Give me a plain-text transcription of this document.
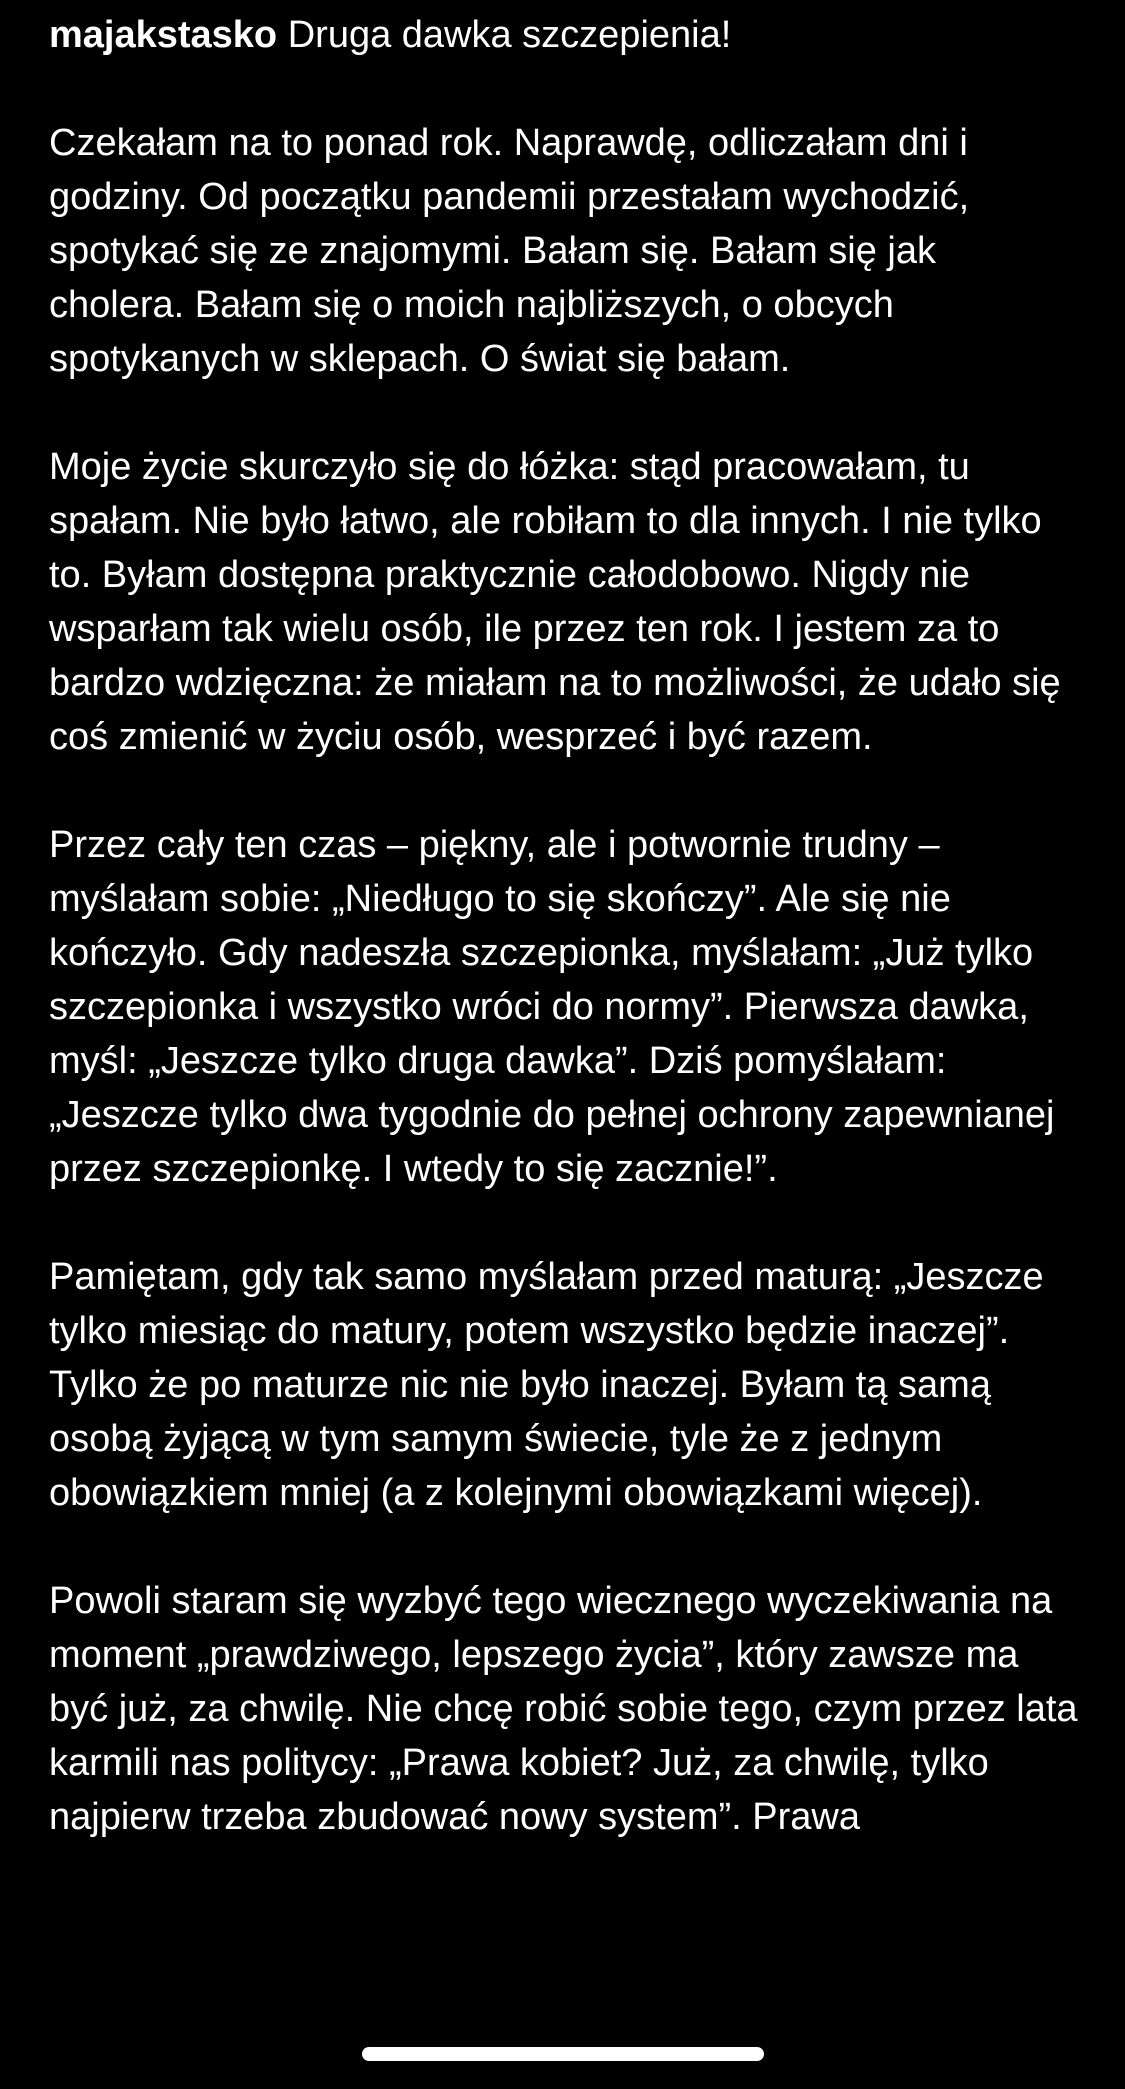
majakstasko Druga dawka szczepienia!

Czekałam na to ponad rok. Naprawdę, odliczałam dni i godziny. Od początku pandemii przestałam wychodzić, spotykać się ze znajomymi. Bałam się. Bałam się jak cholera. Bałam się o moich najbliższych, o obcych spotykanych w sklepach. O świat się bałam.

Moje życie skurczyło się do łóżka: stąd pracowałam, tu spałam. Nie było łatwo, ale robiłam to dla innych. I nie tylko to. Byłam dostępna praktycznie całodobowo. Nigdy nie wsparłam tak wielu osób, ile przez ten rok. I jestem za to bardzo wdzięczna: że miałam na to możliwości, że udało się coś zmienić w życiu osób, wesprzeć i być razem.

Przez cały ten czas – piękny, ale i potwornie trudny – myślałam sobie: „Niedługo to się skończy”. Ale się nie kończyło. Gdy nadeszła szczepionka, myślałam: „Już tylko szczepionka i wszystko wróci do normy”. Pierwsza dawka, myśl: „Jeszcze tylko druga dawka”. Dziś pomyślałam: „Jeszcze tylko dwa tygodnie do pełnej ochrony zapewnianej przez szczepionkę. I wtedy to się zacznie!”.

Pamiętam, gdy tak samo myślałam przed maturą: „Jeszcze tylko miesiąc do matury, potem wszystko będzie inaczej”. Tylko że po maturze nic nie było inaczej. Byłam tą samą osobą żyjącą w tym samym świecie, tyle że z jednym obowiązkiem mniej (a z kolejnymi obowiązkami więcej).

Powoli staram się wyzbyć tego wiecznego wyczekiwania na moment „prawdziwego, lepszego życia”, który zawsze ma być już, za chwilę. Nie chcę robić sobie tego, czym przez lata karmili nas politycy: „Prawa kobiet? Już, za chwilę, tylko najpierw trzeba zbudować nowy system”. Prawa
